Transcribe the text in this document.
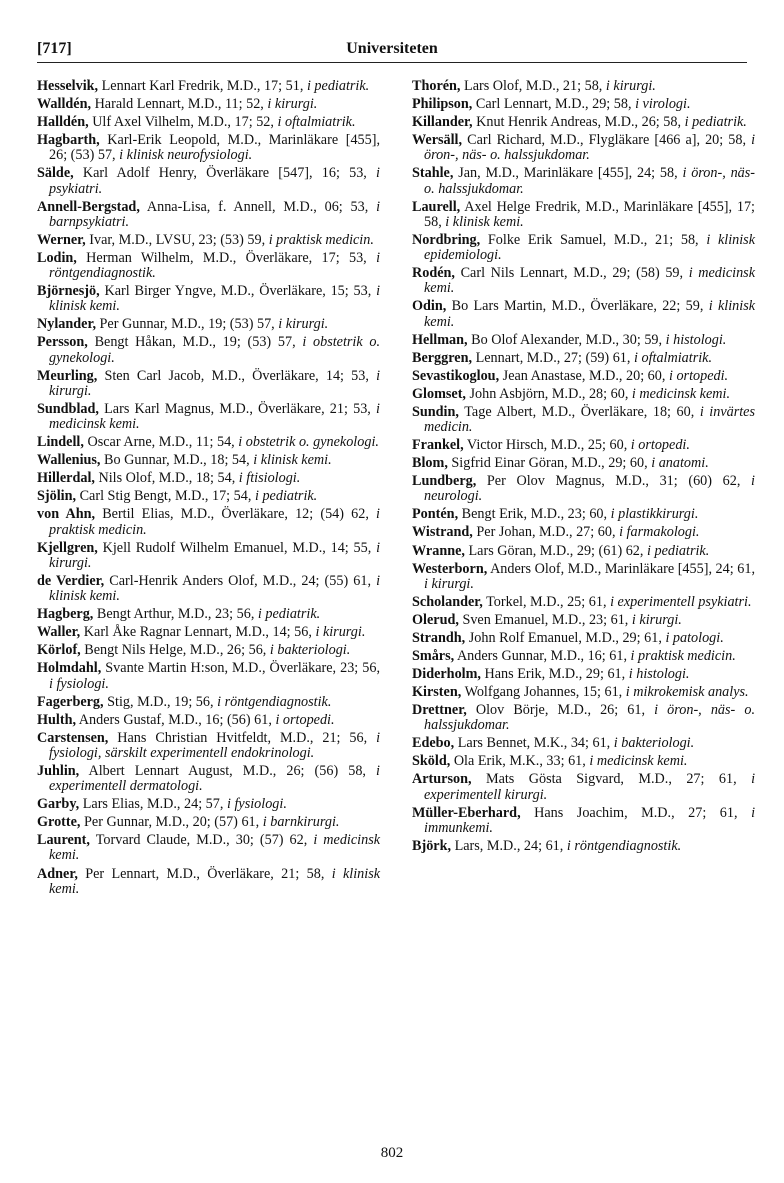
[717]	Universiteten

Hesselvik, Lennart Karl Fredrik, M.D., 17; 51, i pediatrik.

Walldén, Harald Lennart, M.D., 11; 52, i kirurgi.

Halldén, Ulf Axel Vilhelm, M.D., 17; 52, i oftalmiatrik.

Hagbarth, Karl-Erik Leopold, M.D., Marinläkare [455], 26; (53) 57, i klinisk neurofysiologi.

Sälde, Karl Adolf Henry, Överläkare [547], 16; 53, i psykiatri.

Annell-Bergstad, Anna-Lisa, f. Annell, M.D., 06; 53, i barnpsykiatri.

Werner, Ivar, M.D., LVSU, 23; (53) 59, i praktisk medicin.

Lodin, Herman Wilhelm, M.D., Överläkare, 17; 53, i röntgendiagnostik.

Björnesjö, Karl Birger Yngve, M.D., Överläkare, 15; 53, i klinisk kemi.

Nylander, Per Gunnar, M.D., 19; (53) 57, i kirurgi.

Persson, Bengt Håkan, M.D., 19; (53) 57, i obstetrik o. gynekologi.

Meurling, Sten Carl Jacob, M.D., Överläkare, 14; 53, i kirurgi.

Sundblad, Lars Karl Magnus, M.D., Överläkare, 21; 53, i medicinsk kemi.

Lindell, Oscar Arne, M.D., 11; 54, i obstetrik o. gynekologi.

Wallenius, Bo Gunnar, M.D., 18; 54, i klinisk kemi.

Hillerdal, Nils Olof, M.D., 18; 54, i ftisiologi.

Sjölin, Carl Stig Bengt, M.D., 17; 54, i pediatrik.

von Ahn, Bertil Elias, M.D., Överläkare, 12; (54) 62, i praktisk medicin.

Kjellgren, Kjell Rudolf Wilhelm Emanuel, M.D., 14; 55, i kirurgi.

de Verdier, Carl-Henrik Anders Olof, M.D., 24; (55) 61, i klinisk kemi.

Hagberg, Bengt Arthur, M.D., 23; 56, i pediatrik.

Waller, Karl Åke Ragnar Lennart, M.D., 14; 56, i kirurgi.

Körlof, Bengt Nils Helge, M.D., 26; 56, i bakteriologi.

Holmdahl, Svante Martin H:son, M.D., Överläkare, 23; 56, i fysiologi.

Fagerberg, Stig, M.D., 19; 56, i röntgendiagnostik.

Hulth, Anders Gustaf, M.D., 16; (56) 61, i ortopedi.

Carstensen, Hans Christian Hvitfeldt, M.D., 21; 56, i fysiologi, särskilt experimentell endokrinologi.

Juhlin, Albert Lennart August, M.D., 26; (56) 58, i experimentell dermatologi.

Garby, Lars Elias, M.D., 24; 57, i fysiologi.

Grotte, Per Gunnar, M.D., 20; (57) 61, i barnkirurgi.

Laurent, Torvard Claude, M.D., 30; (57) 62, i medicinsk kemi.

Adner, Per Lennart, M.D., Överläkare, 21; 58, i klinisk kemi.

Thorén, Lars Olof, M.D., 21; 58, i kirurgi.

Philipson, Carl Lennart, M.D., 29; 58, i virologi.

Killander, Knut Henrik Andreas, M.D., 26; 58, i pediatrik.

Wersäll, Carl Richard, M.D., Flygläkare [466 a], 20; 58, i öron-, näs- o. halssjukdomar.

Stahle, Jan, M.D., Marinläkare [455], 24; 58, i öron-, näs- o. halssjukdomar.

Laurell, Axel Helge Fredrik, M.D., Marinläkare [455], 17; 58, i klinisk kemi.

Nordbring, Folke Erik Samuel, M.D., 21; 58, i klinisk epidemiologi.

Rodén, Carl Nils Lennart, M.D., 29; (58) 59, i medicinsk kemi.

Odin, Bo Lars Martin, M.D., Överläkare, 22; 59, i klinisk kemi.

Hellman, Bo Olof Alexander, M.D., 30; 59, i histologi.

Berggren, Lennart, M.D., 27; (59) 61, i oftalmiatrik.

Sevastikoglou, Jean Anastase, M.D., 20; 60, i ortopedi.

Glomset, John Asbjörn, M.D., 28; 60, i medicinsk kemi.

Sundin, Tage Albert, M.D., Överläkare, 18; 60, i invärtes medicin.

Frankel, Victor Hirsch, M.D., 25; 60, i ortopedi.

Blom, Sigfrid Einar Göran, M.D., 29; 60, i anatomi.

Lundberg, Per Olov Magnus, M.D., 31; (60) 62, i neurologi.

Pontén, Bengt Erik, M.D., 23; 60, i plastikkirurgi.

Wistrand, Per Johan, M.D., 27; 60, i farmakologi.

Wranne, Lars Göran, M.D., 29; (61) 62, i pediatrik.

Westerborn, Anders Olof, M.D., Marinläkare [455], 24; 61, i kirurgi.

Scholander, Torkel, M.D., 25; 61, i experimentell psykiatri.

Olerud, Sven Emanuel, M.D., 23; 61, i kirurgi.

Strandh, John Rolf Emanuel, M.D., 29; 61, i patologi.

Smårs, Anders Gunnar, M.D., 16; 61, i praktisk medicin.

Diderholm, Hans Erik, M.D., 29; 61, i histologi.

Kirsten, Wolfgang Johannes, 15; 61, i mikrokemisk analys.

Drettner, Olov Börje, M.D., 26; 61, i öron-, näs- o. halssjukdomar.

Edebo, Lars Bennet, M.K., 34; 61, i bakteriologi.

Sköld, Ola Erik, M.K., 33; 61, i medicinsk kemi.

Arturson, Mats Gösta Sigvard, M.D., 27; 61, i experimentell kirurgi.

Müller-Eberhard, Hans Joachim, M.D., 27; 61, i immunkemi.

Björk, Lars, M.D., 24; 61, i röntgendiagnostik.

802
